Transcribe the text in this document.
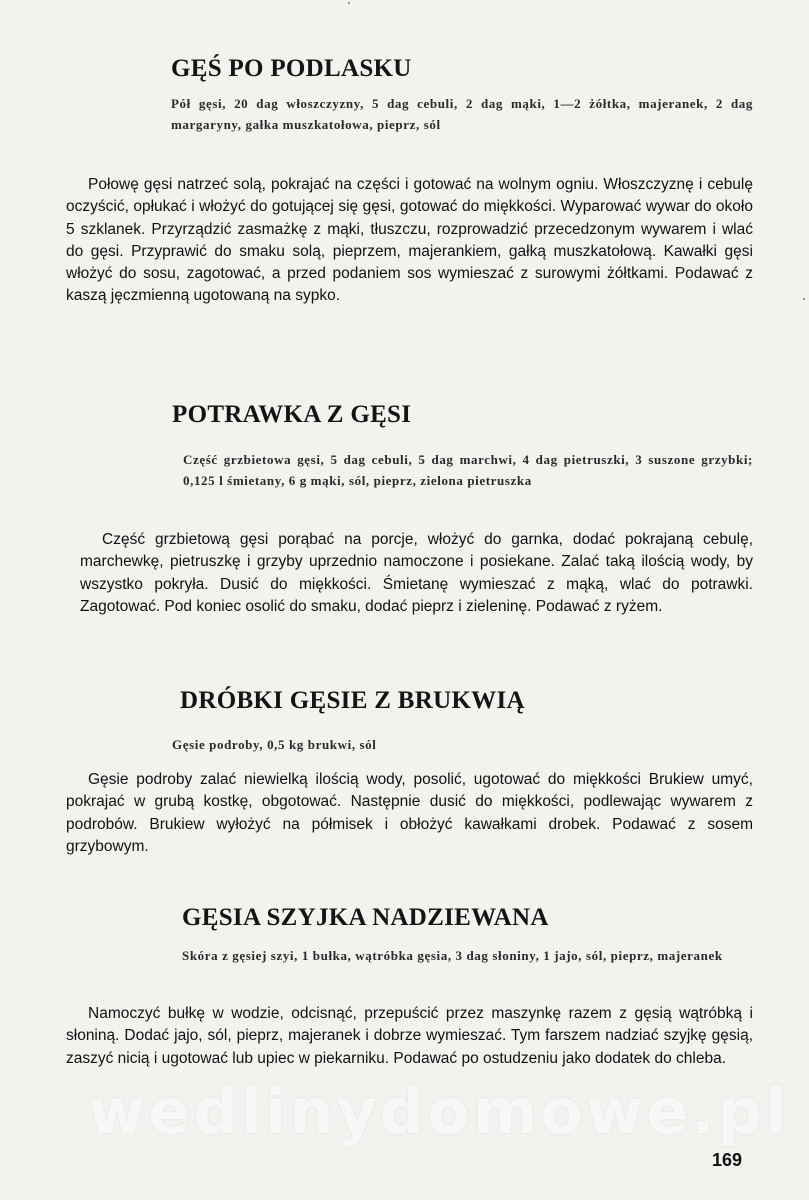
GĘŚ PO PODLASKU
Pół gęsi, 20 dag włoszczyzny, 5 dag cebuli, 2 dag mąki, 1—2 żółtka, majeranek, 2 dag margaryny, gałka muszkatołowa, pieprz, sól

Połowę gęsi natrzeć solą, pokrajać na części i gotować na wolnym ogniu. Włoszczyznę i cebulę oczyścić, opłukać i włożyć do gotującej się gęsi, gotować do miękkości. Wyparować wywar do około 5 szklanek. Przyrządzić zasmażkę z mąki, tłuszczu, rozprowadzić przecedzonym wywarem i wlać do gęsi. Przyprawić do smaku solą, pieprzem, majerankiem, gałką muszkatołową. Kawałki gęsi włożyć do sosu, zagotować, a przed podaniem sos wymieszać z surowymi żółtkami. Podawać z kaszą jęczmienną ugotowaną na sypko.

POTRAWKA Z GĘSI
Część grzbietowa gęsi, 5 dag cebuli, 5 dag marchwi, 4 dag pietruszki, 3 suszone grzybki; 0,125 l śmietany, 6 g mąki, sól, pieprz, zielona pietruszka

Część grzbietową gęsi porąbać na porcje, włożyć do garnka, dodać pokrajaną cebulę, marchewkę, pietruszkę i grzyby uprzednio namoczone i posiekane. Zalać taką ilością wody, by wszystko pokryła. Dusić do miękkości. Śmietanę wymieszać z mąką, wlać do potrawki. Zagotować. Pod koniec osolić do smaku, dodać pieprz i zieleninę. Podawać z ryżem.

DRÓBKI GĘSIE Z BRUKWIĄ
Gęsie podroby, 0,5 kg brukwi, sól

Gęsie podroby zalać niewielką ilością wody, posolić, ugotować do miękkości Brukiew umyć, pokrajać w grubą kostkę, obgotować. Następnie dusić do miękkości, podlewając wywarem z podrobów. Brukiew wyłożyć na półmisek i obłożyć kawałkami drobek. Podawać z sosem grzybowym.

GĘSIA SZYJKA NADZIEWANA
Skóra z gęsiej szyi, 1 bułka, wątróbka gęsia, 3 dag słoniny, 1 jajo, sól, pieprz, majeranek

Namoczyć bułkę w wodzie, odcisnąć, przepuścić przez maszynkę razem z gęsią wątróbką i słoniną. Dodać jajo, sól, pieprz, majeranek i dobrze wymieszać. Tym farszem nadziać szyjkę gęsią, zaszyć nicią i ugotować lub upiec w piekarniku. Podawać po ostudzeniu jako dodatek do chleba.

wedlinydomowe.pl
169
